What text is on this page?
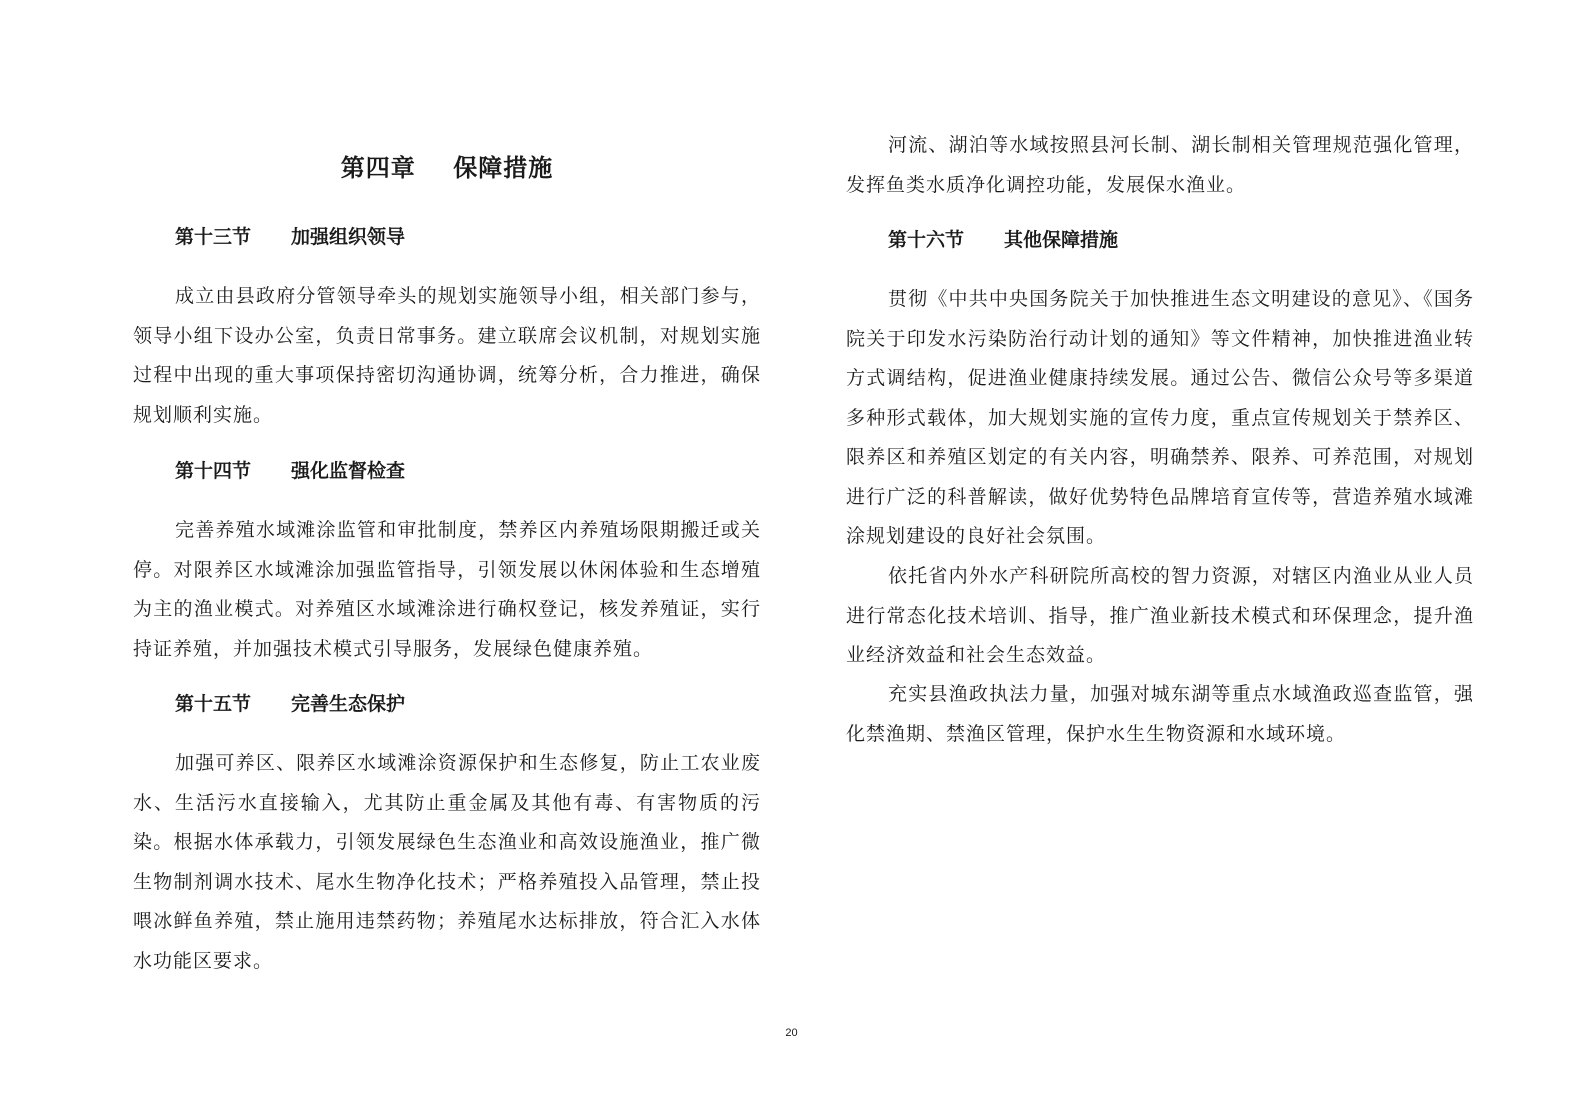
第四章    保障措施
第十三节 加强组织领导

成立由县政府分管领导牵头的规划实施领导小组，相关部门参与，领导小组下设办公室，负责日常事务。建立联席会议机制，对规划实施过程中出现的重大事项保持密切沟通协调，统筹分析，合力推进，确保规划顺利实施。

第十四节 强化监督检查

完善养殖水域滩涂监管和审批制度，禁养区内养殖场限期搬迁或关停。对限养区水域滩涂加强监管指导，引领发展以休闲体验和生态增殖为主的渔业模式。对养殖区水域滩涂进行确权登记，核发养殖证，实行持证养殖，并加强技术模式引导服务，发展绿色健康养殖。

第十五节 完善生态保护

加强可养区、限养区水域滩涂资源保护和生态修复，防止工农业废水、生活污水直接输入，尤其防止重金属及其他有毒、有害物质的污染。根据水体承载力，引领发展绿色生态渔业和高效设施渔业，推广微生物制剂调水技术、尾水生物净化技术；严格养殖投入品管理，禁止投喂冰鲜鱼养殖，禁止施用违禁药物；养殖尾水达标排放，符合汇入水体水功能区要求。

河流、湖泊等水域按照县河长制、湖长制相关管理规范强化管理，发挥鱼类水质净化调控功能，发展保水渔业。

第十六节 其他保障措施

贯彻《中共中央国务院关于加快推进生态文明建设的意见》、《国务院关于印发水污染防治行动计划的通知》等文件精神，加快推进渔业转方式调结构，促进渔业健康持续发展。通过公告、微信公众号等多渠道多种形式载体，加大规划实施的宣传力度，重点宣传规划关于禁养区、限养区和养殖区划定的有关内容，明确禁养、限养、可养范围，对规划进行广泛的科普解读，做好优势特色品牌培育宣传等，营造养殖水域滩涂规划建设的良好社会氛围。

依托省内外水产科研院所高校的智力资源，对辖区内渔业从业人员进行常态化技术培训、指导，推广渔业新技术模式和环保理念，提升渔业经济效益和社会生态效益。

充实县渔政执法力量，加强对城东湖等重点水域渔政巡查监管，强化禁渔期、禁渔区管理，保护水生生物资源和水域环境。

20
